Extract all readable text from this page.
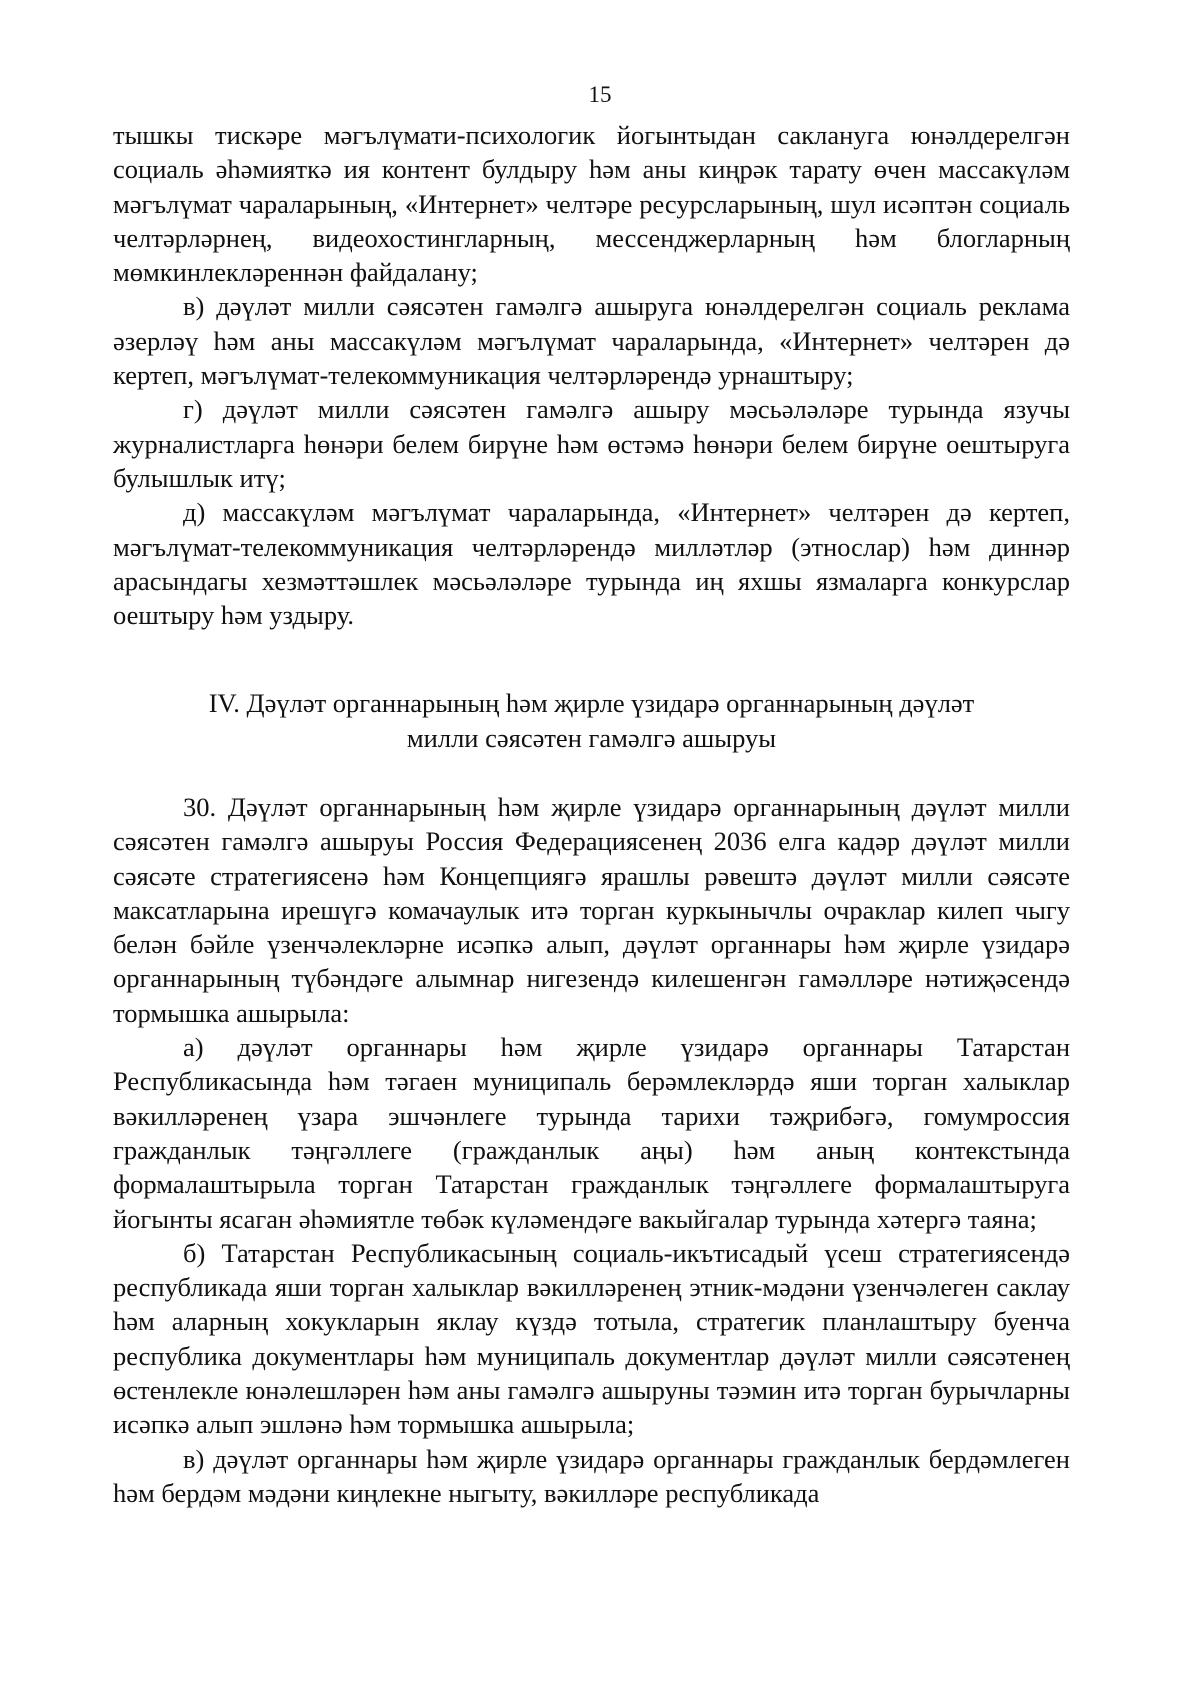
15

тышкы тискәре мәгълүмати-психологик йогынтыдан саклануга юнәлдерелгән социаль әһәмияткә ия контент булдыру һәм аны киңрәк тарату өчен массакүләм мәгълүмат чараларының, «Интернет» челтәре ресурсларының, шул исәптән социаль челтәрләрнең, видеохостингларның, мессенджерларның һәм блогларның мөмкинлекләреннән файдалану;

в) дәүләт милли сәясәтен гамәлгә ашыруга юнәлдерелгән социаль реклама әзерләү һәм аны массакүләм мәгълүмат чараларында, «Интернет» челтәрен дә кертеп, мәгълүмат-телекоммуникация челтәрләрендә урнаштыру;

г) дәүләт милли сәясәтен гамәлгә ашыру мәсьәләләре турында язучы журналистларга һөнәри белем бирүне һәм өстәмә һөнәри белем бирүне оештыруга булышлык итү;

д) массакүләм мәгълүмат чараларында, «Интернет» челтәрен дә кертеп, мәгълүмат-телекоммуникация челтәрләрендә милләтләр (этнослар) һәм диннәр арасындагы хезмәттәшлек мәсьәләләре турында иң яхшы язмаларга конкурслар оештыру һәм уздыру.

IV. Дәүләт органнарының һәм җирле үзидарә органнарының дәүләт

милли сәясәтен гамәлгә ашыруы

30. Дәүләт органнарының һәм җирле үзидарә органнарының дәүләт милли сәясәтен гамәлгә ашыруы Россия Федерациясенең 2036 елга кадәр дәүләт милли сәясәте стратегиясенә һәм Концепциягә ярашлы рәвештә дәүләт милли сәясәте максатларына ирешүгә комачаулык итә торган куркынычлы очраклар килеп чыгу белән бәйле үзенчәлекләрне исәпкә алып, дәүләт органнары һәм җирле үзидарә органнарының түбәндәге алымнар нигезендә килешенгән гамәлләре нәтиҗәсендә тормышка ашырыла:

а) дәүләт органнары һәм җирле үзидарә органнары Татарстан Республикасында һәм тәгаен муниципаль берәмлекләрдә яши торган халыклар вәкилләренең үзара эшчәнлеге турында тарихи тәҗрибәгә, гомумроссия гражданлык тәңгәллеге (гражданлык аңы) һәм аның контекстында формалаштырыла торган Татарстан гражданлык тәңгәллеге формалаштыруга йогынты ясаган әһәмиятле төбәк күләмендәге вакыйгалар турында хәтергә таяна;

б) Татарстан Республикасының социаль-икътисадый үсеш стратегиясендә республикада яши торган халыклар вәкилләренең этник-мәдәни үзенчәлеген саклау һәм аларның хокукларын яклау күздә тотыла, стратегик планлаштыру буенча республика документлары һәм муниципаль документлар дәүләт милли сәясәтенең өстенлекле юнәлешләрен һәм аны гамәлгә ашыруны тәэмин итә торган бурычларны исәпкә алып эшләнә һәм тормышка ашырыла;

в) дәүләт органнары һәм җирле үзидарә органнары гражданлык бердәмлеген һәм бердәм мәдәни киңлекне ныгыту, вәкилләре республикада
